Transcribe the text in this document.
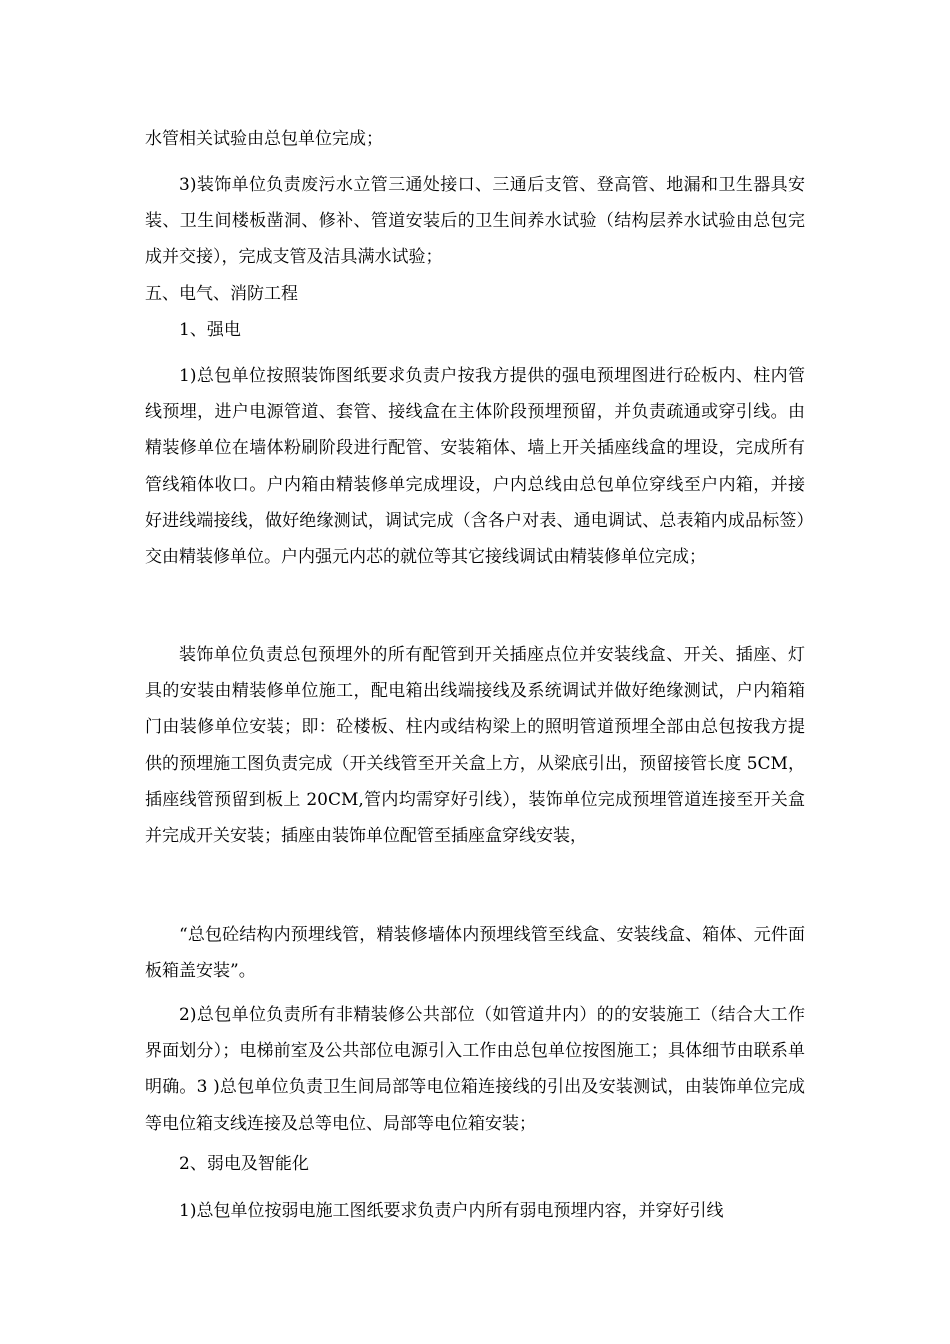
水管相关试验由总包单位完成；

3)装饰单位负责废污水立管三通处接口、三通后支管、登高管、地漏和卫生器具安装、卫生间楼板凿洞、修补、管道安装后的卫生间养水试验（结构层养水试验由总包完成并交接），完成支管及洁具满水试验；

五、电气、消防工程

1、强电

1)总包单位按照装饰图纸要求负责户按我方提供的强电预埋图进行砼板内、柱内管线预埋，进户电源管道、套管、接线盒在主体阶段预埋预留，并负责疏通或穿引线。由精装修单位在墙体粉刷阶段进行配管、安装箱体、墙上开关插座线盒的埋设，完成所有管线箱体收口。户内箱由精装修单完成埋设，户内总线由总包单位穿线至户内箱，并接好进线端接线，做好绝缘测试，调试完成（含各户对表、通电调试、总表箱内成品标签）交由精装修单位。户内强元内芯的就位等其它接线调试由精装修单位完成；

装饰单位负责总包预埋外的所有配管到开关插座点位并安装线盒、开关、插座、灯具的安装由精装修单位施工，配电箱出线端接线及系统调试并做好绝缘测试，户内箱箱门由装修单位安装；即：砼楼板、柱内或结构梁上的照明管道预埋全部由总包按我方提供的预埋施工图负责完成（开关线管至开关盒上方，从梁底引出，预留接管长度 5CM，插座线管预留到板上 20CM,管内均需穿好引线），装饰单位完成预埋管道连接至开关盒并完成开关安装；插座由装饰单位配管至插座盒穿线安装，

“总包砼结构内预埋线管，精装修墙体内预埋线管至线盒、安装线盒、箱体、元件面板箱盖安装”。

2)总包单位负责所有非精装修公共部位（如管道井内）的的安装施工（结合大工作界面划分）；电梯前室及公共部位电源引入工作由总包单位按图施工；具体细节由联系单明确。3 )总包单位负责卫生间局部等电位箱连接线的引出及安装测试，由装饰单位完成等电位箱支线连接及总等电位、局部等电位箱安装；

2、弱电及智能化

1)总包单位按弱电施工图纸要求负责户内所有弱电预埋内容，并穿好引线
